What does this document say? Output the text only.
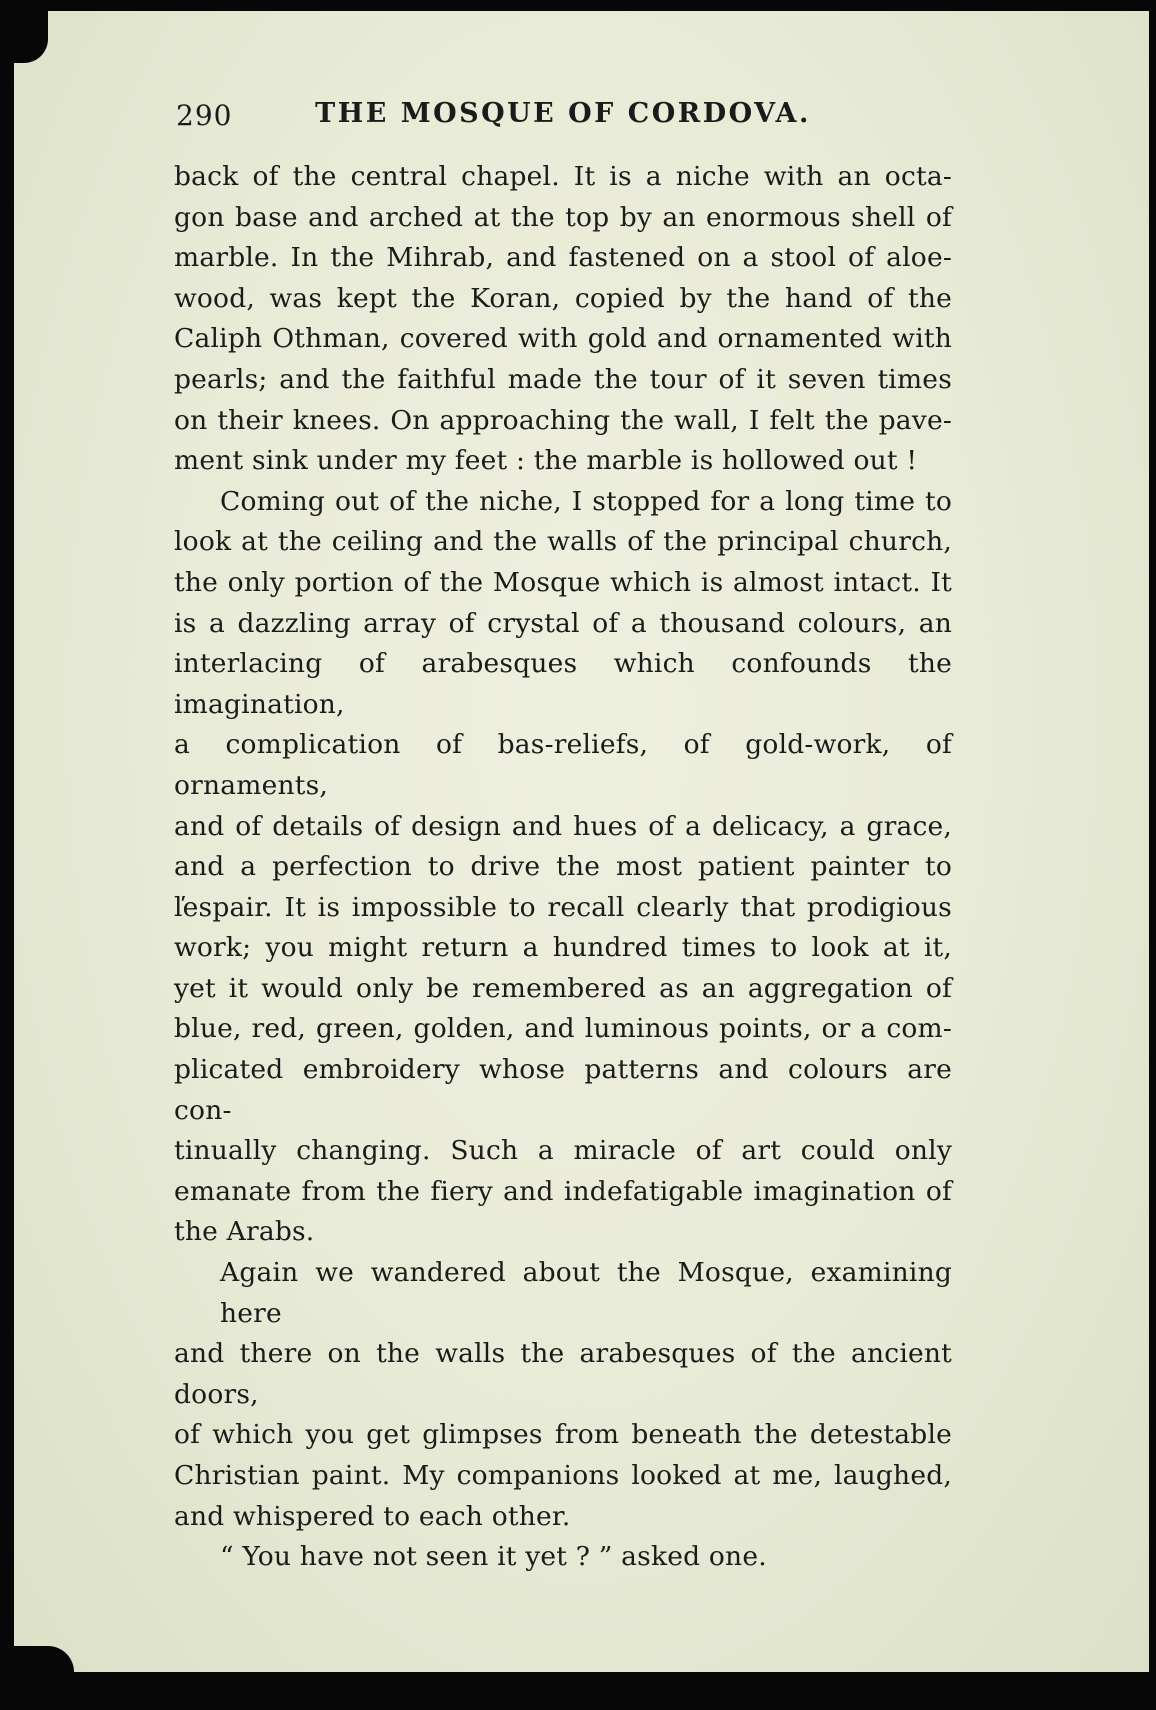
290	THE MOSQUE OF CORDOVA.
back of the central chapel. It is a niche with an octa-
gon base and arched at the top by an enormous shell of
marble. In the Mihrab, and fastened on a stool of aloe-
wood, was kept the Koran, copied by the hand of the
Caliph Othman, covered with gold and ornamented with
pearls; and the faithful made the tour of it seven times
on their knees. On approaching the wall, I felt the pave-
ment sink under my feet : the marble is hollowed out !
Coming out of the niche, I stopped for a long time to
look at the ceiling and the walls of the principal church,
the only portion of the Mosque which is almost intact. It
is a dazzling array of crystal of a thousand colours, an
interlacing of arabesques which confounds the imagination,
a complication of bas-reliefs, of gold-work, of ornaments,
and of details of design and hues of a delicacy, a grace,
and a perfection to drive the most patient painter to
ľespair. It is impossible to recall clearly that prodigious
work; you might return a hundred times to look at it,
yet it would only be remembered as an aggregation of
blue, red, green, golden, and luminous points, or a com-
plicated embroidery whose patterns and colours are con-
tinually changing. Such a miracle of art could only
emanate from the fiery and indefatigable imagination of
the Arabs.
Again we wandered about the Mosque, examining here
and there on the walls the arabesques of the ancient doors,
of which you get glimpses from beneath the detestable
Christian paint. My companions looked at me, laughed,
and whispered to each other.
“ You have not seen it yet ? ” asked one.
